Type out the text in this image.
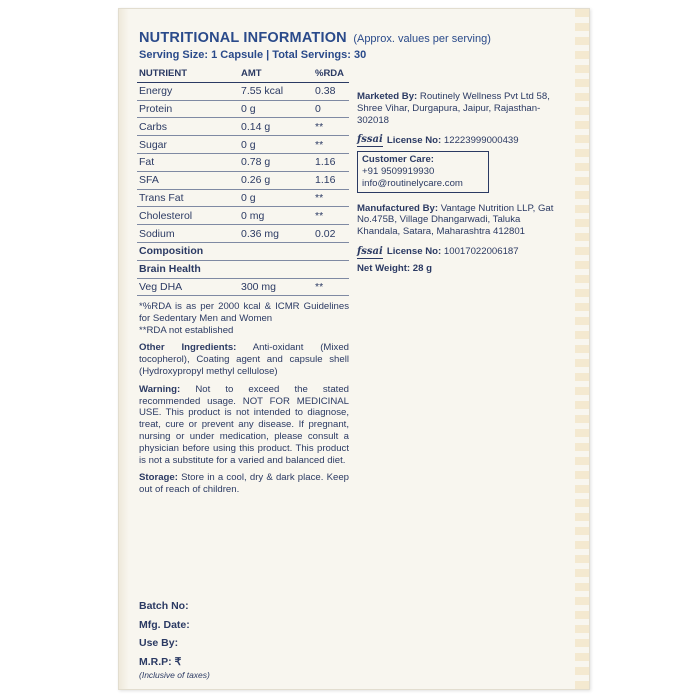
NUTRITIONAL INFORMATION (Approx. values per serving)
Serving Size: 1 Capsule | Total Servings: 30
NUTRIENT	AMT	%RDA
Energy	7.55 kcal	0.38
Protein	0 g	0
Carbs	0.14 g	**
Sugar	0 g	**
Fat	0.78 g	1.16
SFA	0.26 g	1.16
Trans Fat	0 g	**
Cholesterol	0 mg	**
Sodium	0.36 mg	0.02
Composition		
Brain Health		
Veg DHA	300 mg	**

*%RDA is as per 2000 kcal & ICMR Guidelines for Sedentary Men and Women

**RDA not established

Other Ingredients: Anti-oxidant (Mixed tocopherol), Coating agent and capsule shell (Hydroxypropyl methyl cellulose)

Warning: Not to exceed the stated recommended usage. NOT FOR MEDICINAL USE. This product is not intended to diagnose, treat, cure or prevent any disease. If pregnant, nursing or under medication, please consult a physician before using this product. This product is not a substitute for a varied and balanced diet.

Storage: Store in a cool, dry & dark place. Keep out of reach of children.

Marketed By: Routinely Wellness Pvt Ltd 58, Shree Vihar, Durgapura, Jaipur, Rajasthan-302018

fssai License No:
12223999000439
Customer Care:
+91 9509919930
info@routinelycare.com

Manufactured By: Vantage Nutrition LLP, Gat No.475B, Village Dhangarwadi, Taluka Khandala, Satara, Maharashtra 412801

fssai License No:
10017022006187
Net Weight: 28 g
Batch No:
Mfg. Date:
Use By:
M.R.P: ₹
(Inclusive of taxes)
